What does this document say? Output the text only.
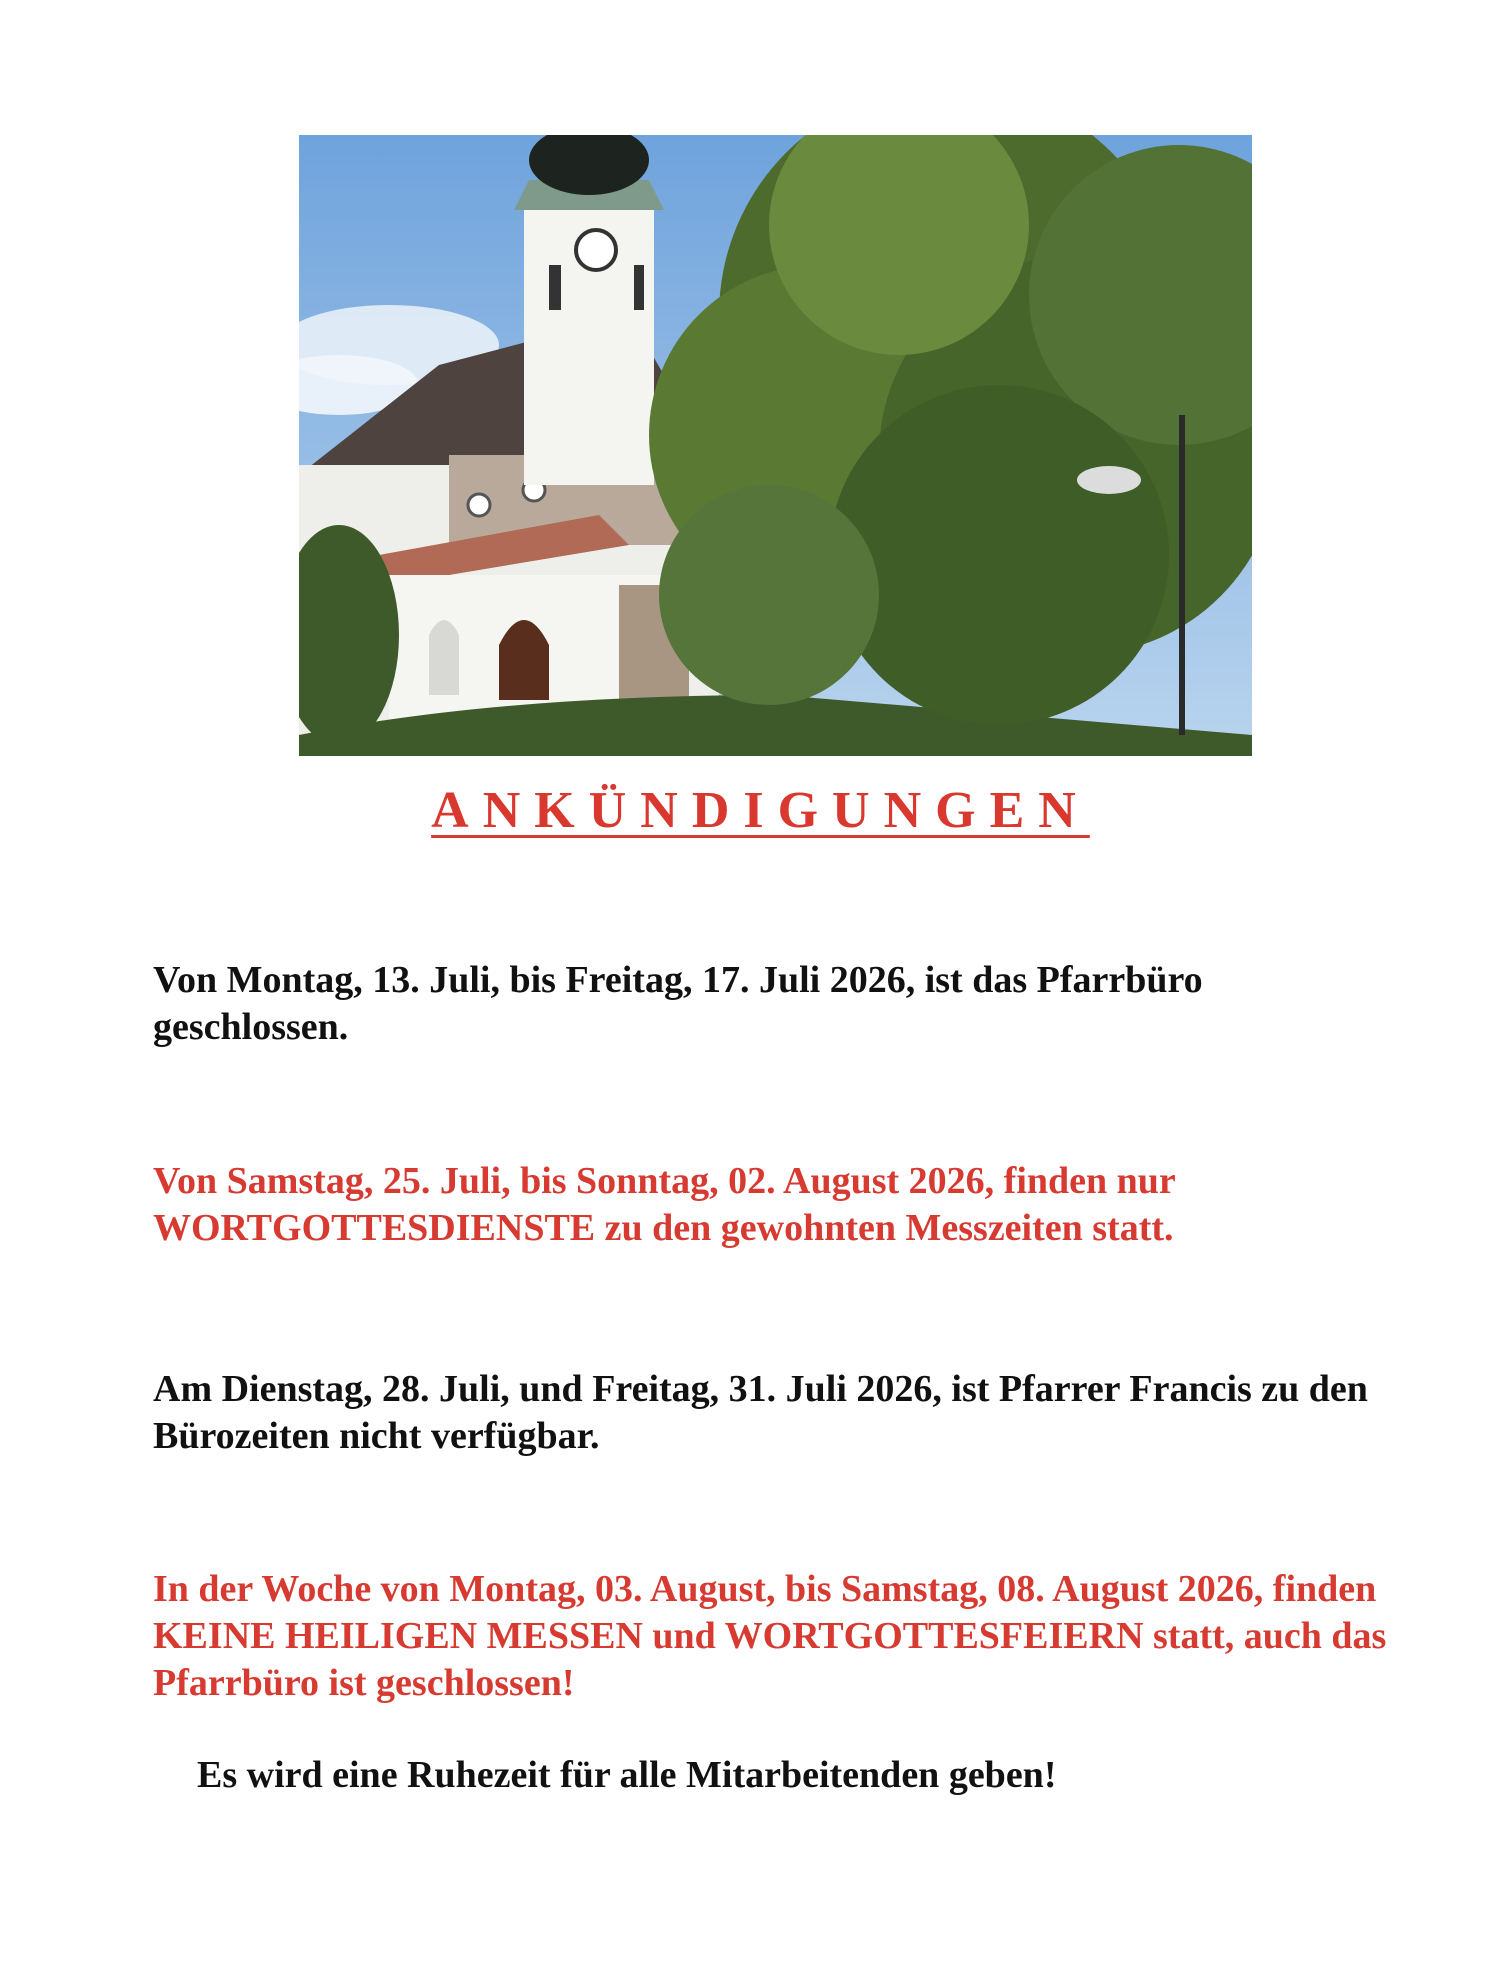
ANKÜNDIGUNGEN

Von Montag, 13. Juli, bis Freitag, 17. Juli 2026, ist das Pfarrbüro geschlossen.

Von Samstag, 25. Juli, bis Sonntag, 02. August 2026, finden nur WORTGOTTESDIENSTE zu den gewohnten Messzeiten statt.

Am Dienstag, 28. Juli, und Freitag, 31. Juli 2026, ist Pfarrer Francis zu den Bürozeiten nicht verfügbar.

In der Woche von Montag, 03. August, bis Samstag, 08. August 2026, finden KEINE HEILIGEN MESSEN und WORTGOTTESFEIERN statt, auch das Pfarrbüro ist geschlossen!

Es wird eine Ruhezeit für alle Mitarbeitenden geben!
